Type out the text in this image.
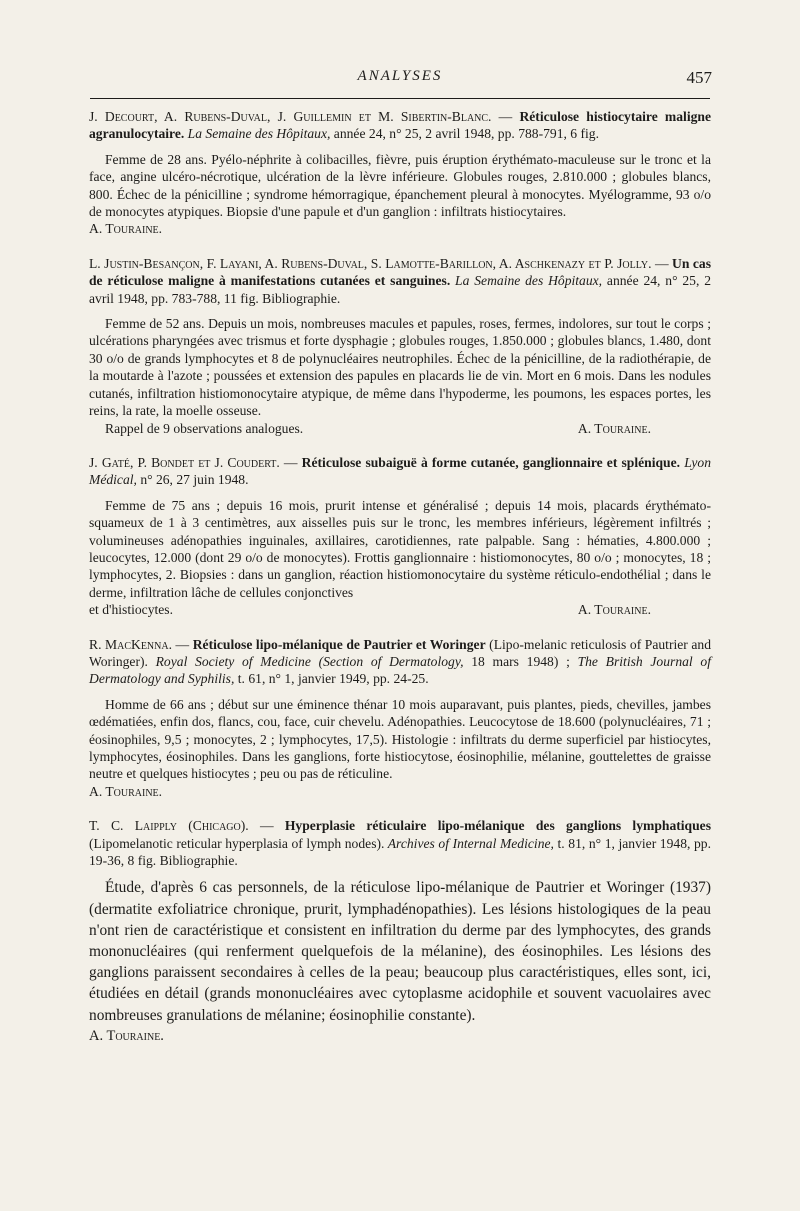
ANALYSES	457

J. Decourt, A. Rubens-Duval, J. Guillemin et M. Sibertin-Blanc. — Réticulose histiocytaire maligne agranulocytaire. La Semaine des Hôpitaux, année 24, n° 25, 2 avril 1948, pp. 788-791, 6 fig.

Femme de 28 ans. Pyélo-néphrite à colibacilles, fièvre, puis éruption érythémato-maculeuse sur le tronc et la face, angine ulcéro-nécrotique, ulcération de la lèvre inférieure. Globules rouges, 2.810.000 ; globules blancs, 800. Échec de la pénicilline ; syndrome hémorragique, épanchement pleural à monocytes. Myélogramme, 93 o/o de monocytes atypiques. Biopsie d'une papule et d'un ganglion : infiltrats histiocytaires.

A. Touraine.

L. Justin-Besançon, F. Layani, A. Rubens-Duval, S. Lamotte-Barillon, A. Aschkenazy et P. Jolly. — Un cas de réticulose maligne à manifestations cutanées et sanguines. La Semaine des Hôpitaux, année 24, n° 25, 2 avril 1948, pp. 783-788, 11 fig. Bibliographie.

Femme de 52 ans. Depuis un mois, nombreuses macules et papules, roses, fermes, indolores, sur tout le corps ; ulcérations pharyngées avec trismus et forte dysphagie ; globules rouges, 1.850.000 ; globules blancs, 1.480, dont 30 o/o de grands lymphocytes et 8 de polynucléaires neutrophiles. Échec de la pénicilline, de la radiothérapie, de la moutarde à l'azote ; poussées et extension des papules en placards lie de vin. Mort en 6 mois. Dans les nodules cutanés, infiltration histiomonocytaire atypique, de même dans l'hypoderme, les poumons, les espaces portes, les reins, la rate, la moelle osseuse.

Rappel de 9 observations analogues.	A. Touraine.

J. Gaté, P. Bondet et J. Coudert. — Réticulose subaiguë à forme cutanée, ganglionnaire et splénique. Lyon Médical, n° 26, 27 juin 1948.

Femme de 75 ans ; depuis 16 mois, prurit intense et généralisé ; depuis 14 mois, placards érythémato-squameux de 1 à 3 centimètres, aux aisselles puis sur le tronc, les membres inférieurs, légèrement infiltrés ; volumineuses adénopathies inguinales, axillaires, carotidiennes, rate palpable. Sang : hématies, 4.800.000 ; leucocytes, 12.000 (dont 29 o/o de monocytes). Frottis ganglionnaire : histiomonocytes, 80 o/o ; monocytes, 18 ; lymphocytes, 2. Biopsies : dans un ganglion, réaction histiomonocytaire du système réticulo-endothélial ; dans le derme, infiltration lâche de cellules conjonctives

et d'histiocytes.	A. Touraine.

R. MacKenna. — Réticulose lipo-mélanique de Pautrier et Woringer (Lipo-melanic reticulosis of Pautrier and Woringer). Royal Society of Medicine (Section of Dermatology, 18 mars 1948) ; The British Journal of Dermatology and Syphilis, t. 61, n° 1, janvier 1949, pp. 24-25.

Homme de 66 ans ; début sur une éminence thénar 10 mois auparavant, puis plantes, pieds, chevilles, jambes œdématiées, enfin dos, flancs, cou, face, cuir chevelu. Adénopathies. Leucocytose de 18.600 (polynucléaires, 71 ; éosinophiles, 9,5 ; monocytes, 2 ; lymphocytes, 17,5). Histologie : infiltrats du derme superficiel par histiocytes, lymphocytes, éosinophiles. Dans les ganglions, forte histiocytose, éosinophilie, mélanine, gouttelettes de graisse neutre et quelques histiocytes ; peu ou pas de réticuline.

A. Touraine.

T. C. Laipply (Chicago). — Hyperplasie réticulaire lipo-mélanique des ganglions lymphatiques (Lipomelanotic reticular hyperplasia of lymph nodes). Archives of Internal Medicine, t. 81, n° 1, janvier 1948, pp. 19-36, 8 fig. Bibliographie.

Étude, d'après 6 cas personnels, de la réticulose lipo-mélanique de Pautrier et Woringer (1937) (dermatite exfoliatrice chronique, prurit, lymphadénopathies). Les lésions histologiques de la peau n'ont rien de caractéristique et consistent en infiltration du derme par des lymphocytes, des grands mononucléaires (qui renferment quelquefois de la mélanine), des éosinophiles. Les lésions des ganglions paraissent secondaires à celles de la peau; beaucoup plus caractéristiques, elles sont, ici, étudiées en détail (grands mononucléaires avec cytoplasme acidophile et souvent vacuolaires avec nombreuses granulations de mélanine; éosinophilie constante).

A. Touraine.
